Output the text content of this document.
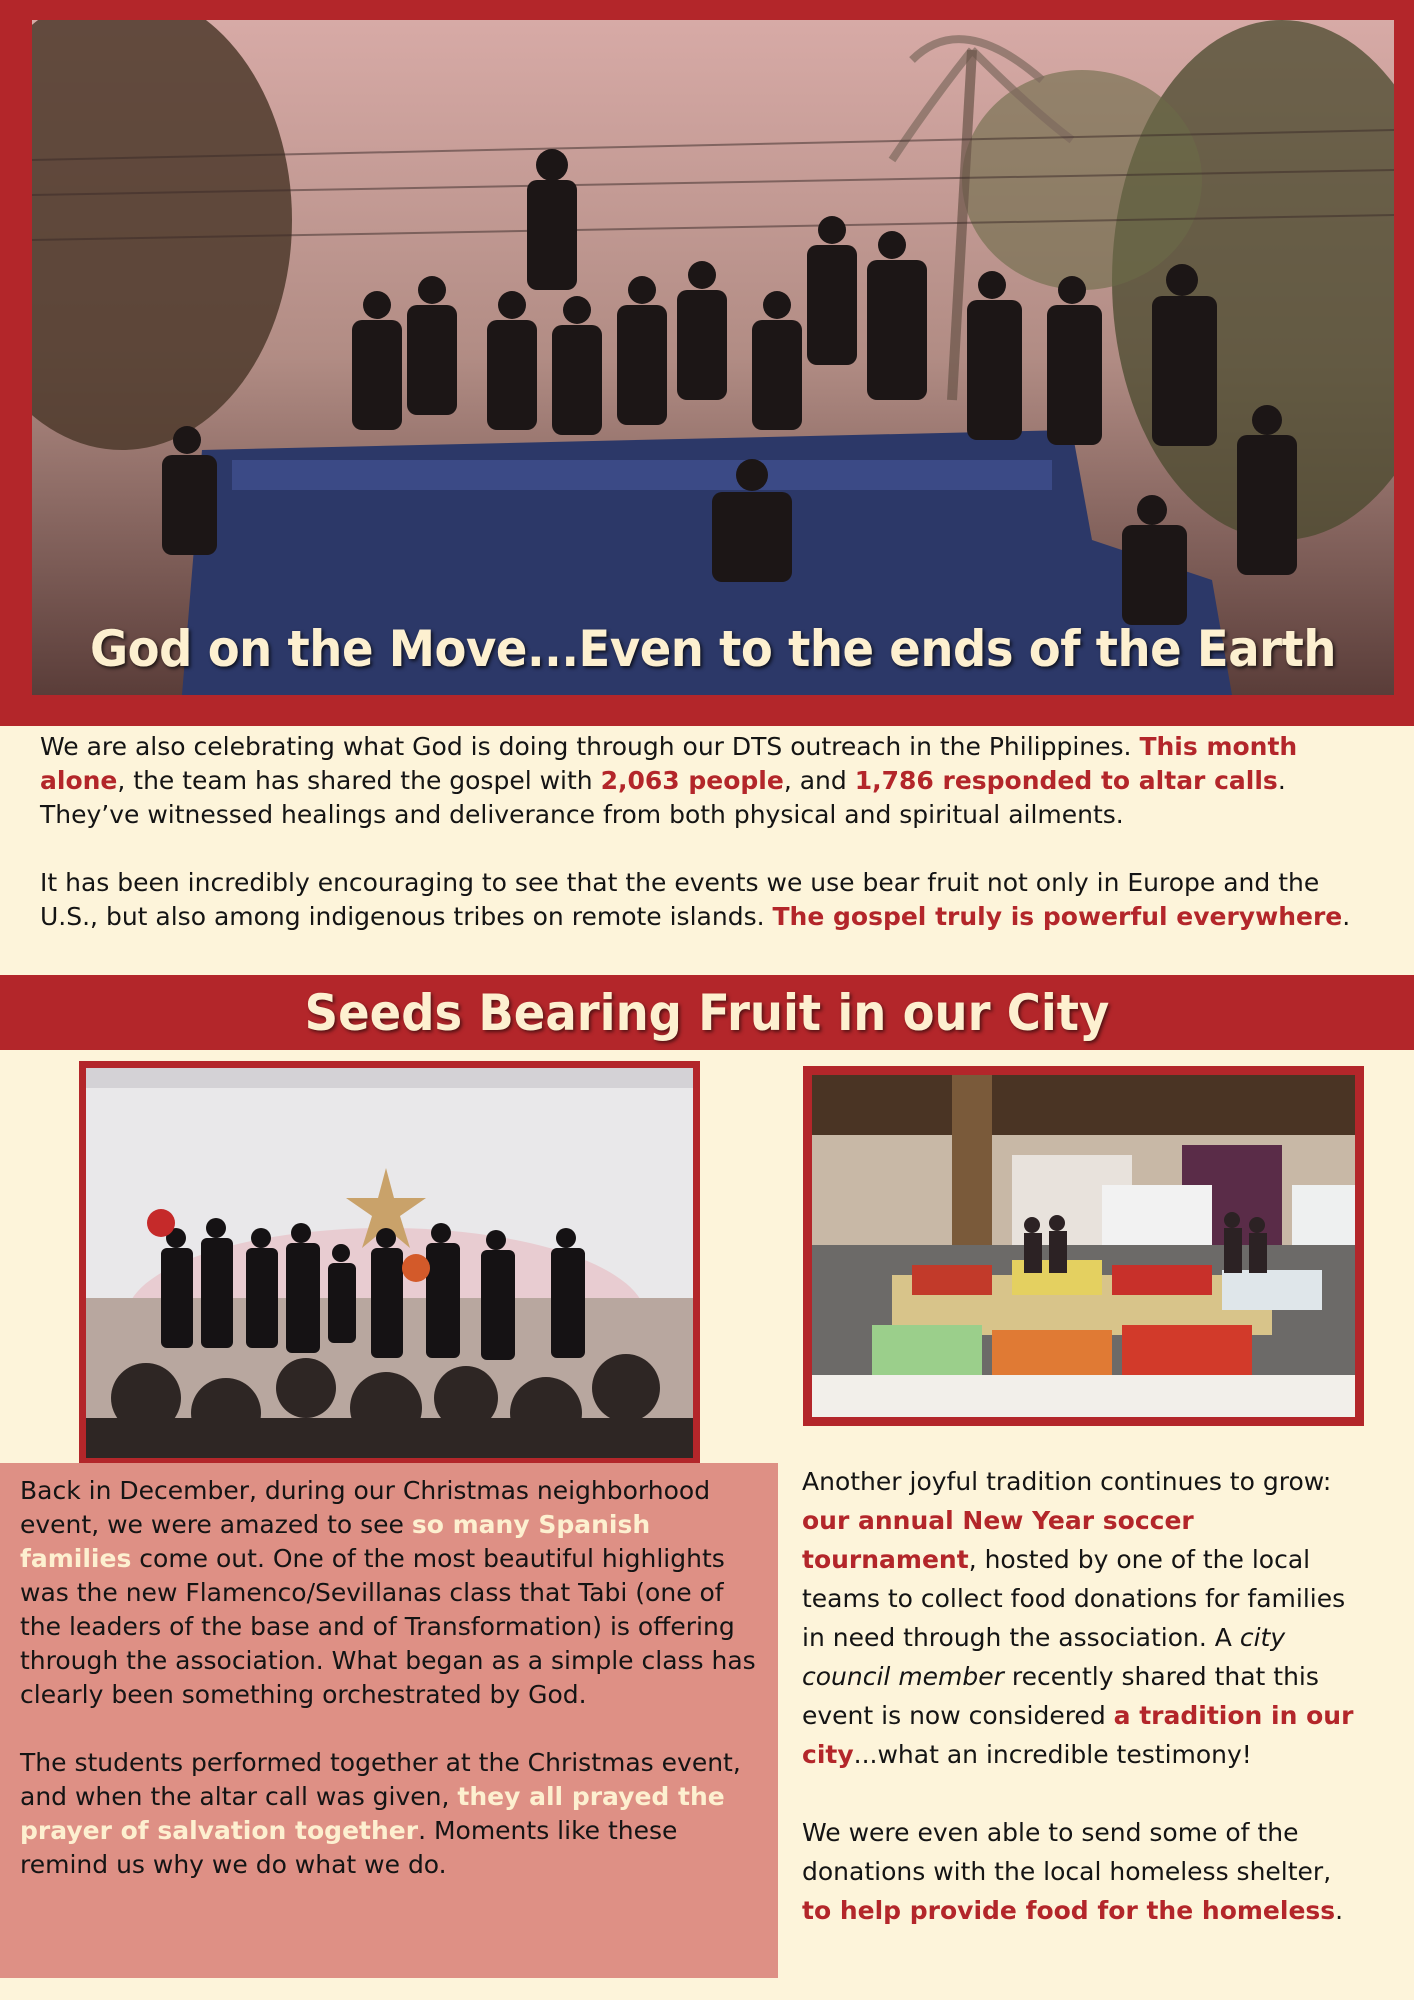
God on the Move...Even to the ends of the Earth

We are also celebrating what God is doing through our DTS outreach in the Philippines. This month alone, the team has shared the gospel with 2,063 people, and 1,786 responded to altar calls. They’ve witnessed healings and deliverance from both physical and spiritual ailments.

It has been incredibly encouraging to see that the events we use bear fruit not only in Europe and the U.S., but also among indigenous tribes on remote islands. The gospel truly is powerful everywhere.

Seeds Bearing Fruit in our City

Back in December, during our Christmas neighborhood event, we were amazed to see so many Spanish families come out. One of the most beautiful highlights was the new Flamenco/Sevillanas class that Tabi (one of the leaders of the base and of Transformation) is offering through the association. What began as a simple class has clearly been something orchestrated by God.

The students performed together at the Christmas event, and when the altar call was given, they all prayed the prayer of salvation together. Moments like these remind us why we do what we do.

Another joyful tradition continues to grow: our annual New Year soccer tournament, hosted by one of the local teams to collect food donations for families in need through the association. A city council member recently shared that this event is now considered a tradition in our city...what an incredible testimony!

We were even able to send some of the donations with the local homeless shelter, to help provide food for the homeless.
